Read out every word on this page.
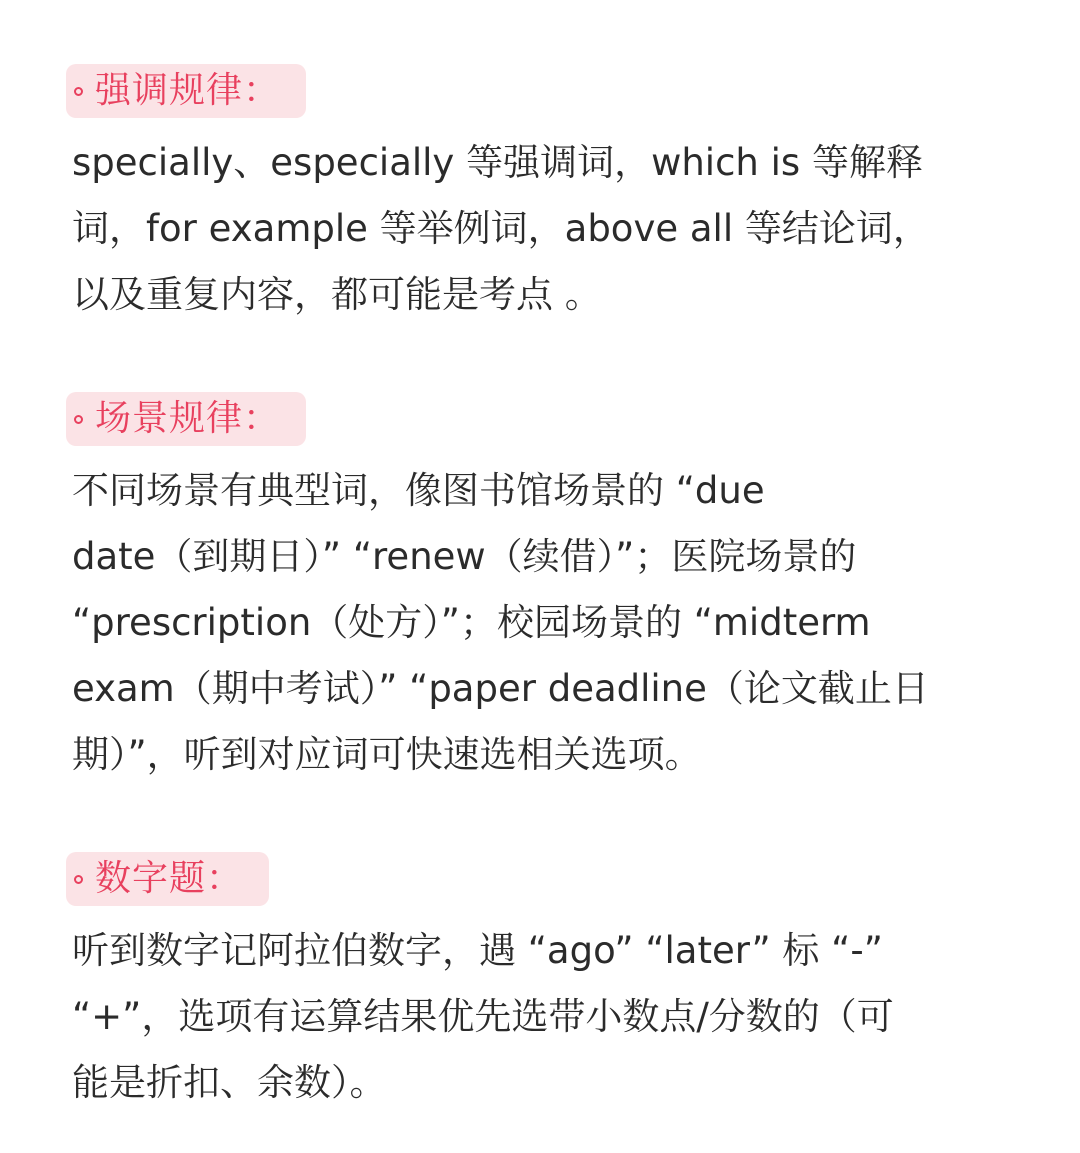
强调规律：
specially、especially 等强调词，which is 等解释
词，for example 等举例词，above all 等结论词，
以及重复内容，都可能是考点 。
场景规律：
不同场景有典型词，像图书馆场景的 “due
date（到期日）” “renew（续借）”；医院场景的
“prescription（处方）”；校园场景的 “midterm
exam（期中考试）” “paper deadline（论文截止日
期）”，听到对应词可快速选相关选项。
数字题：
听到数字记阿拉伯数字，遇 “ago” “later” 标 “-”
“+”，选项有运算结果优先选带小数点/分数的（可
能是折扣、余数）。
